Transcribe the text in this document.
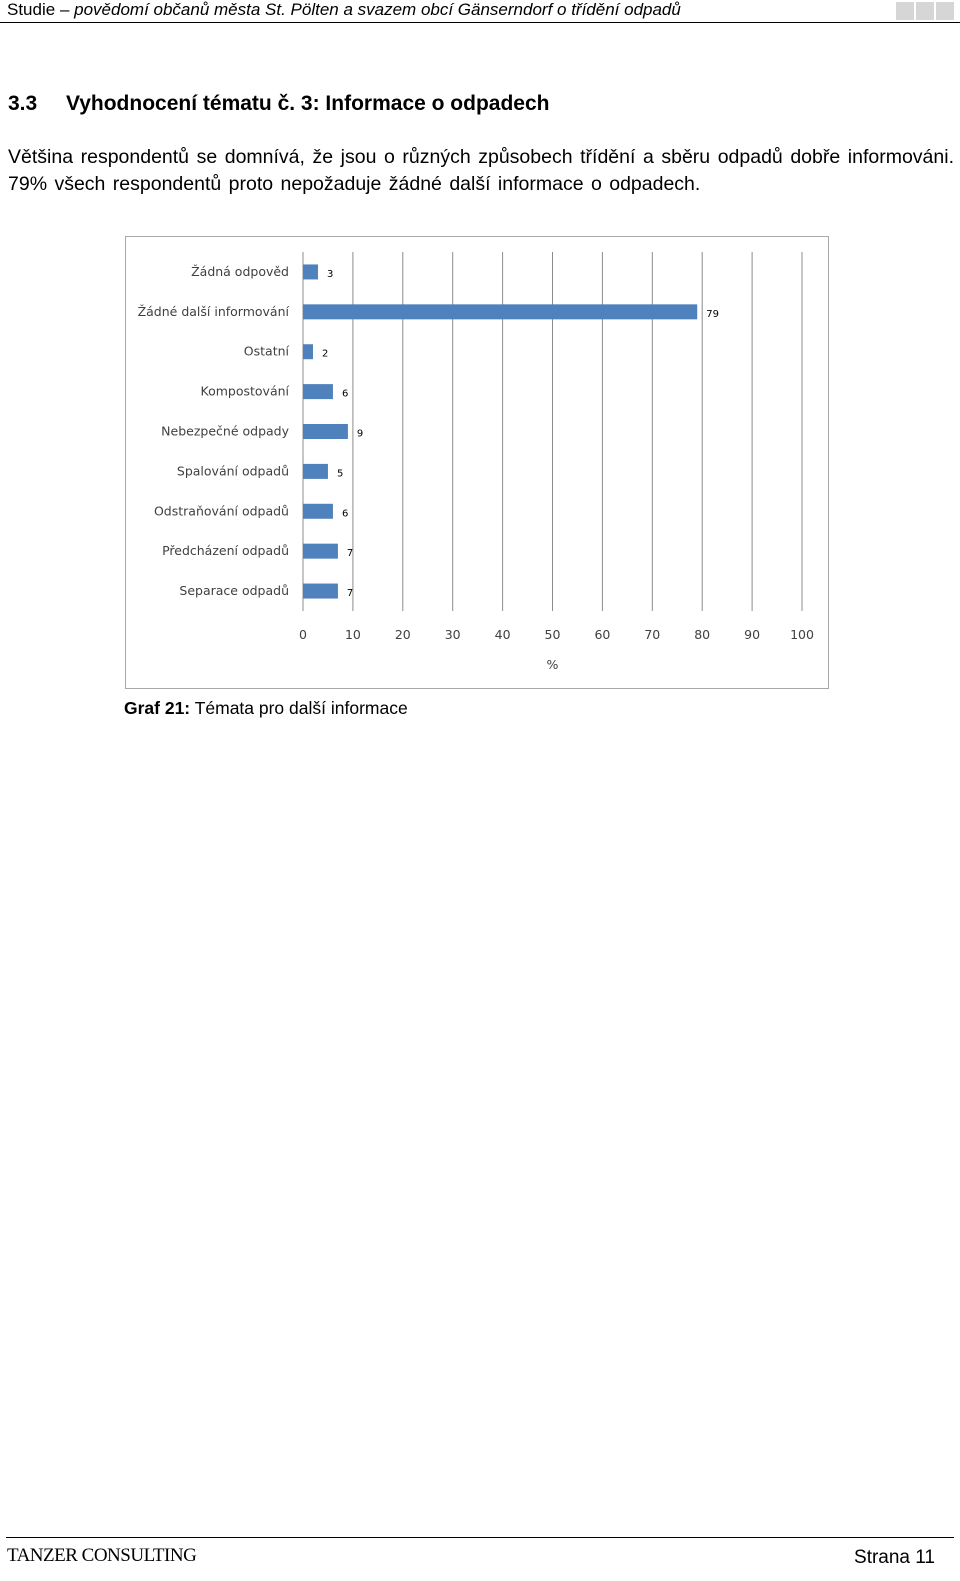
Studie – povědomí občanů města St. Pölten a svazem obcí Gänserndorf o třídění odpadů
3.3 Vyhodnocení tématu č. 3: Informace o odpadech
Většina respondentů se domnívá, že jsou o různých způsobech třídění a sběru odpadů dobře informováni. 79% všech respondentů proto nepožaduje žádné další informace o odpadech.
0	10	20	30	40	50	60	70	80	90 100
%
Žádná odpověd	3
Žádné další informování	79
Ostatní	2
Kompostování	6
Nebezpečné odpady	9
Spalování odpadů	5
Odstraňování odpadů	6
Předcházení odpadů	7
Separace odpadů	7
Graf 21: Témata pro další informace
TANZER CONSULTING	Strana 11
